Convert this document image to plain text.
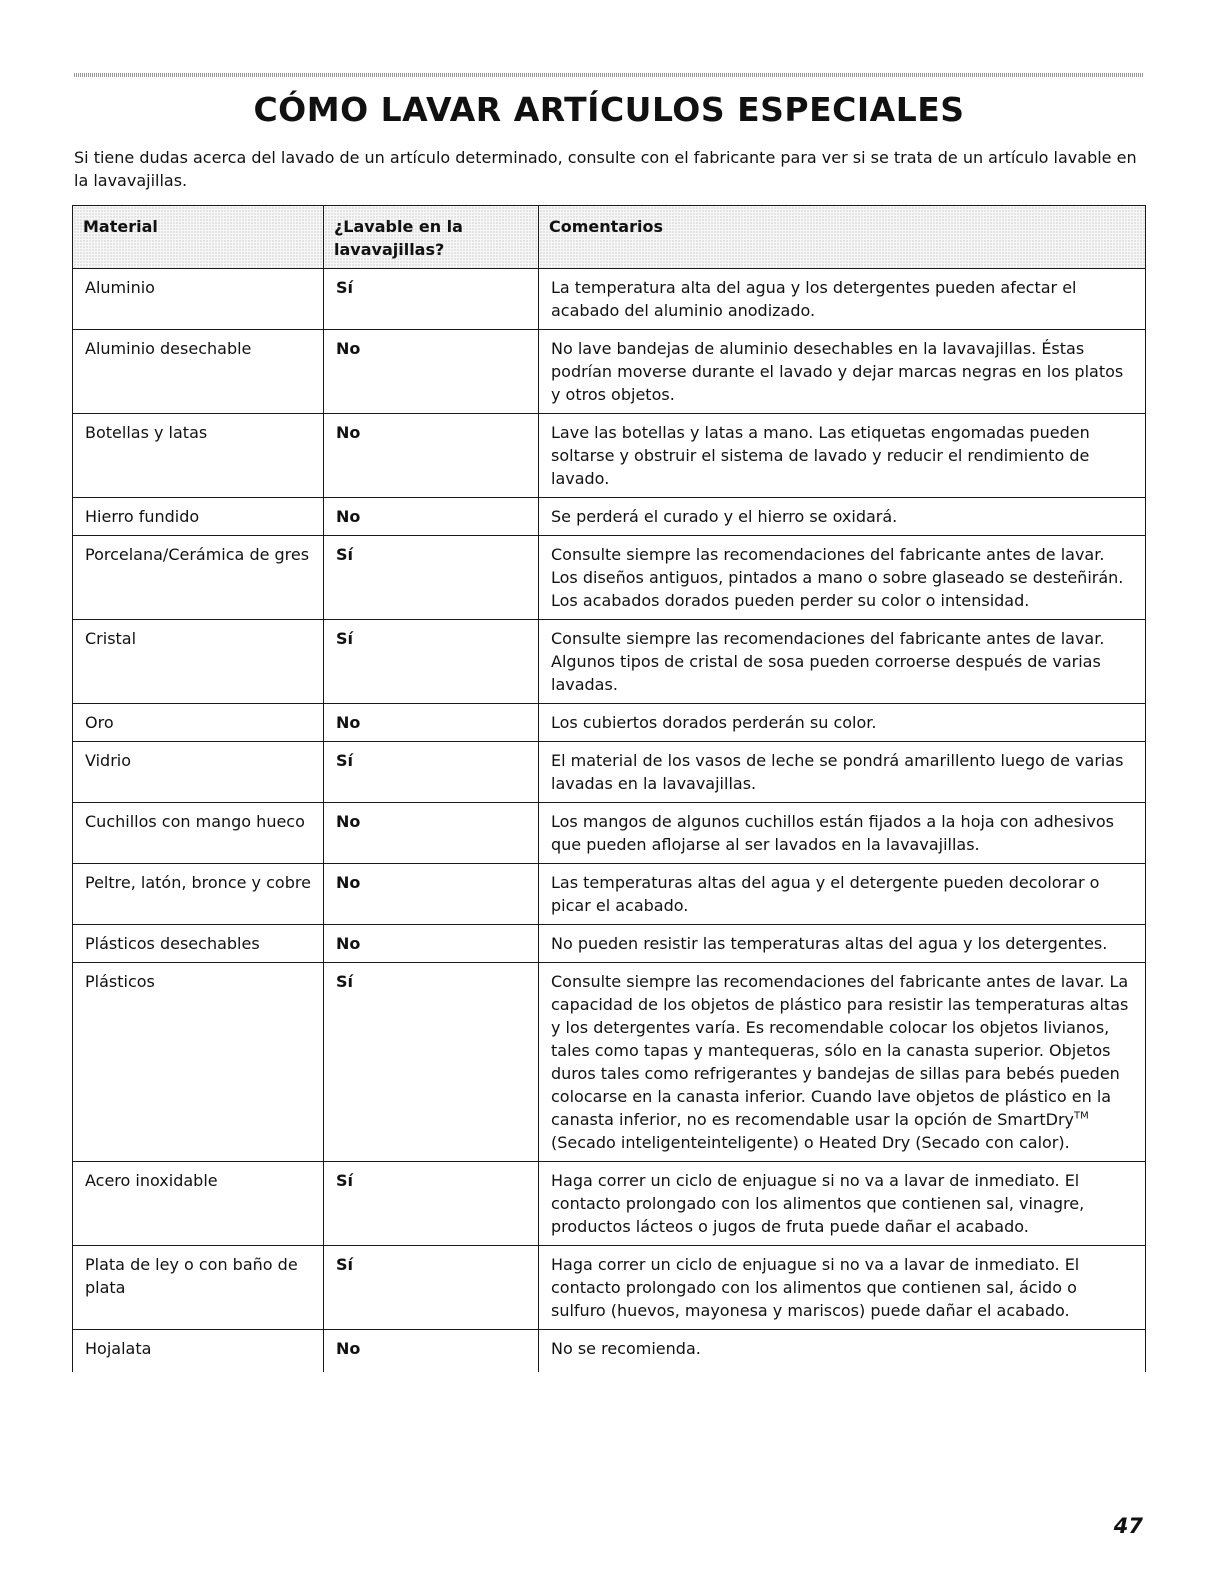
CÓMO LAVAR ARTÍCULOS ESPECIALES

Si tiene dudas acerca del lavado de un artículo determinado, consulte con el fabricante para ver si se trata de un artículo lavable en la lavavajillas.

Material	¿Lavable en la lavavajillas?	Comentarios
Aluminio	Sí	La temperatura alta del agua y los detergentes pueden afectar el acabado del aluminio anodizado.
Aluminio desechable	No	No lave bandejas de aluminio desechables en la lavavajillas. Éstas podrían moverse durante el lavado y dejar marcas negras en los platos y otros objetos.
Botellas y latas	No	Lave las botellas y latas a mano. Las etiquetas engomadas pueden soltarse y obstruir el sistema de lavado y reducir el rendimiento de lavado.
Hierro fundido	No	Se perderá el curado y el hierro se oxidará.
Porcelana/Cerámica de gres	Sí	Consulte siempre las recomendaciones del fabricante antes de lavar. Los diseños antiguos, pintados a mano o sobre glaseado se desteñirán. Los acabados dorados pueden perder su color o intensidad.
Cristal	Sí	Consulte siempre las recomendaciones del fabricante antes de lavar. Algunos tipos de cristal de sosa pueden corroerse después de varias lavadas.
Oro	No	Los cubiertos dorados perderán su color.
Vidrio	Sí	El material de los vasos de leche se pondrá amarillento luego de varias lavadas en la lavavajillas.
Cuchillos con mango hueco	No	Los mangos de algunos cuchillos están fijados a la hoja con adhesivos que pueden aflojarse al ser lavados en la lavavajillas.
Peltre, latón, bronce y cobre	No	Las temperaturas altas del agua y el detergente pueden decolorar o picar el acabado.
Plásticos desechables	No	No pueden resistir las temperaturas altas del agua y los detergentes.
Plásticos	Sí	Consulte siempre las recomendaciones del fabricante antes de lavar. La capacidad de los objetos de plástico para resistir las temperaturas altas y los detergentes varía. Es recomendable colocar los objetos livianos, tales como tapas y mantequeras, sólo en la canasta superior. Objetos duros tales como refrigerantes y bandejas de sillas para bebés pueden colocarse en la canasta inferior. Cuando lave objetos de plástico en la canasta inferior, no es recomendable usar la opción de SmartDry™ (Secado inteligenteinteligente) o Heated Dry (Secado con calor).
Acero inoxidable	Sí	Haga correr un ciclo de enjuague si no va a lavar de inmediato. El contacto prolongado con los alimentos que contienen sal, vinagre, productos lácteos o jugos de fruta puede dañar el acabado.
Plata de ley o con baño de plata	Sí	Haga correr un ciclo de enjuague si no va a lavar de inmediato. El contacto prolongado con los alimentos que contienen sal, ácido o sulfuro (huevos, mayonesa y mariscos) puede dañar el acabado.
Hojalata	No	No se recomienda.
47
